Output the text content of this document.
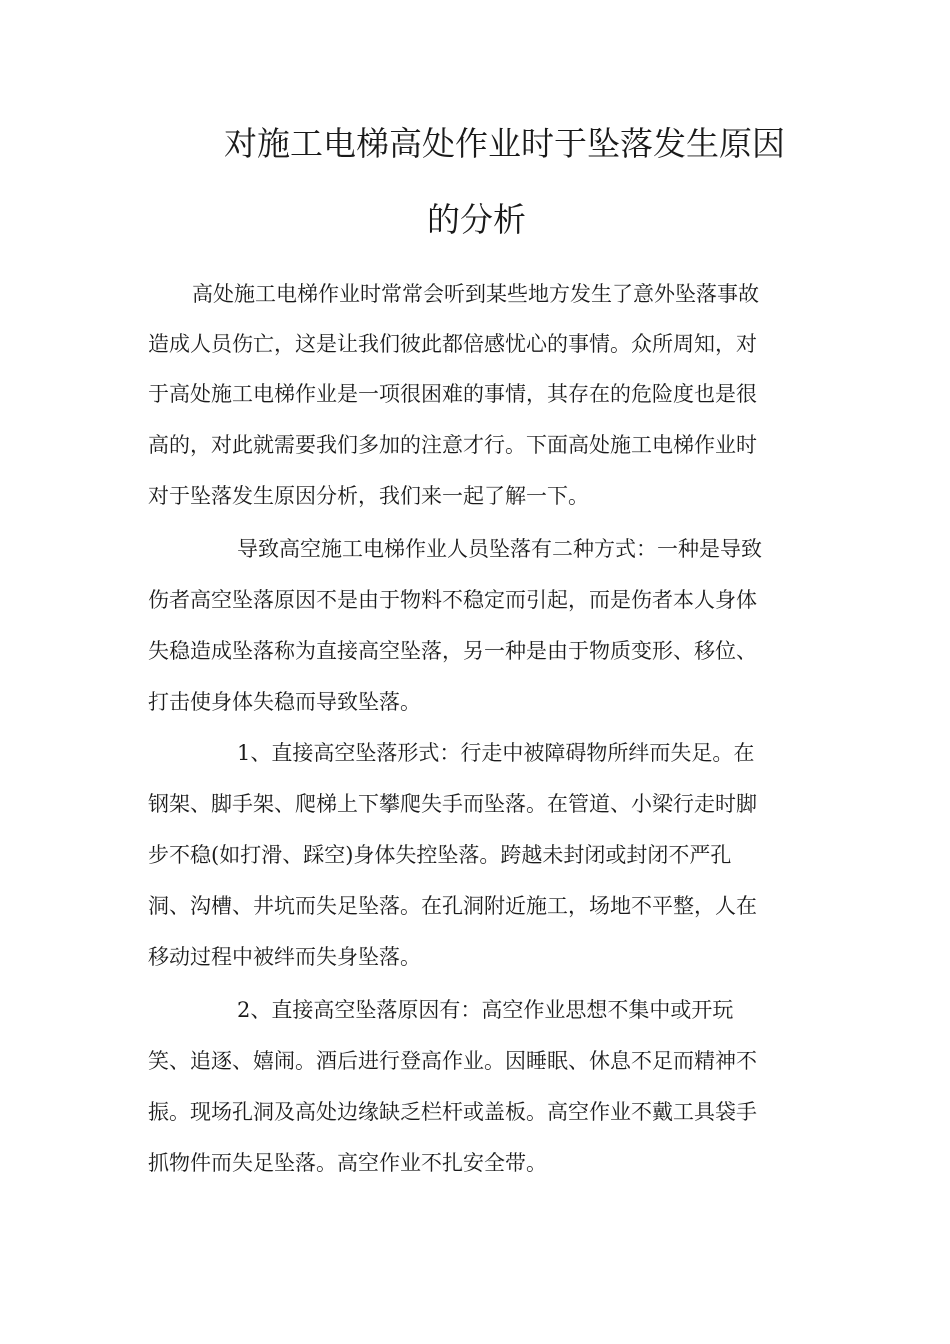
对施工电梯高处作业时于坠落发生原因
的分析
高处施工电梯作业时常常会听到某些地方发生了意外坠落事故
造成人员伤亡，这是让我们彼此都倍感忧心的事情。众所周知，对
于高处施工电梯作业是一项很困难的事情，其存在的危险度也是很
高的，对此就需要我们多加的注意才行。下面高处施工电梯作业时
对于坠落发生原因分析，我们来一起了解一下。
导致高空施工电梯作业人员坠落有二种方式：一种是导致
伤者高空坠落原因不是由于物料不稳定而引起，而是伤者本人身体
失稳造成坠落称为直接高空坠落，另一种是由于物质变形、移位、
打击使身体失稳而导致坠落。
1、直接高空坠落形式：行走中被障碍物所绊而失足。在
钢架、脚手架、爬梯上下攀爬失手而坠落。在管道、小梁行走时脚
步不稳(如打滑、踩空)身体失控坠落。跨越未封闭或封闭不严孔
洞、沟槽、井坑而失足坠落。在孔洞附近施工，场地不平整，人在
移动过程中被绊而失身坠落。
2、直接高空坠落原因有：高空作业思想不集中或开玩
笑、追逐、嬉闹。酒后进行登高作业。因睡眠、休息不足而精神不
振。现场孔洞及高处边缘缺乏栏杆或盖板。高空作业不戴工具袋手
抓物件而失足坠落。高空作业不扎安全带。
